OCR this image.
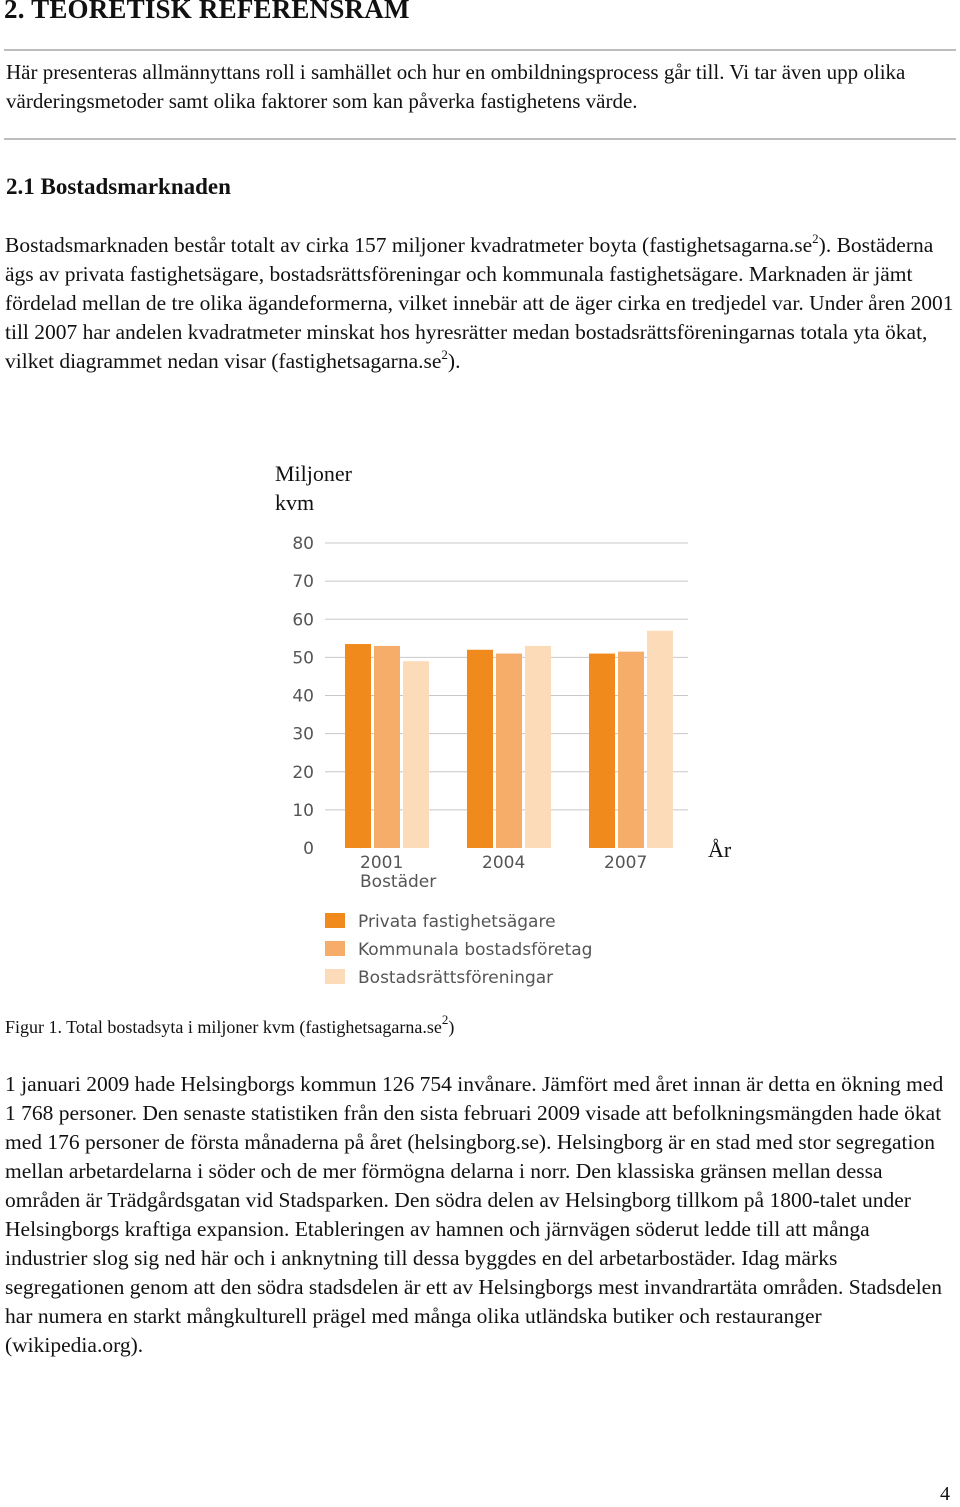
2. TEORETISK REFERENSRAM

Här presenteras allmännyttans roll i samhället och hur en ombildningsprocess går till. Vi tar även upp olika värderingsmetoder samt olika faktorer som kan påverka fastighetens värde.

2.1 Bostadsmarknaden

Bostadsmarknaden består totalt av cirka 157 miljoner kvadratmeter boyta $(fastighetsagarna.se^2)$. Bostäderna ägs av privata fastighetsägare, bostadsrättsföreningar och kommunala fastighetsägare. Marknaden är jämt fördelad mellan de tre olika ägandeformerna, vilket innebär att de äger cirka en tredjedel var. Under åren 2001 till 2007 har andelen kvadratmeter minskat hos hyresrätter medan bostadsrättsföreningarnas totala yta ökat, vilket diagrammet nedan visar $(fastighetsagarna.se^2)$.

Miljoner
kvm
År
0
10
20
30
40
50
60
70
80
2001	2004	2007
Bostäder
Privata fastighetsägare
Kommunala bostadsföretag
Bostadsrättsföreningar

Figur 1. Total bostadsyta i miljoner kvm $(fastighetsagarna.se^2)$

1 januari 2009 hade Helsingborgs kommun 126 754 invånare. Jämfört med året innan är detta en ökning med 1 768 personer. Den senaste statistiken från den sista februari 2009 visade att befolkningsmängden hade ökat med 176 personer de första månaderna på året (helsingborg.se). Helsingborg är en stad med stor segregation mellan arbetardelarna i söder och de mer förmögna delarna i norr. Den klassiska gränsen mellan dessa områden är Trädgårdsgatan vid Stadsparken. Den södra delen av Helsingborg tillkom på 1800-talet under Helsingborgs kraftiga expansion. Etableringen av hamnen och järnvägen söderut ledde till att många industrier slog sig ned här och i anknytning till dessa byggdes en del arbetarbostäder. Idag märks segregationen genom att den södra stadsdelen är ett av Helsingborgs mest invandrartäta områden. Stadsdelen har numera en starkt mångkulturell prägel med många olika utländska butiker och restauranger (wikipedia.org).

4
